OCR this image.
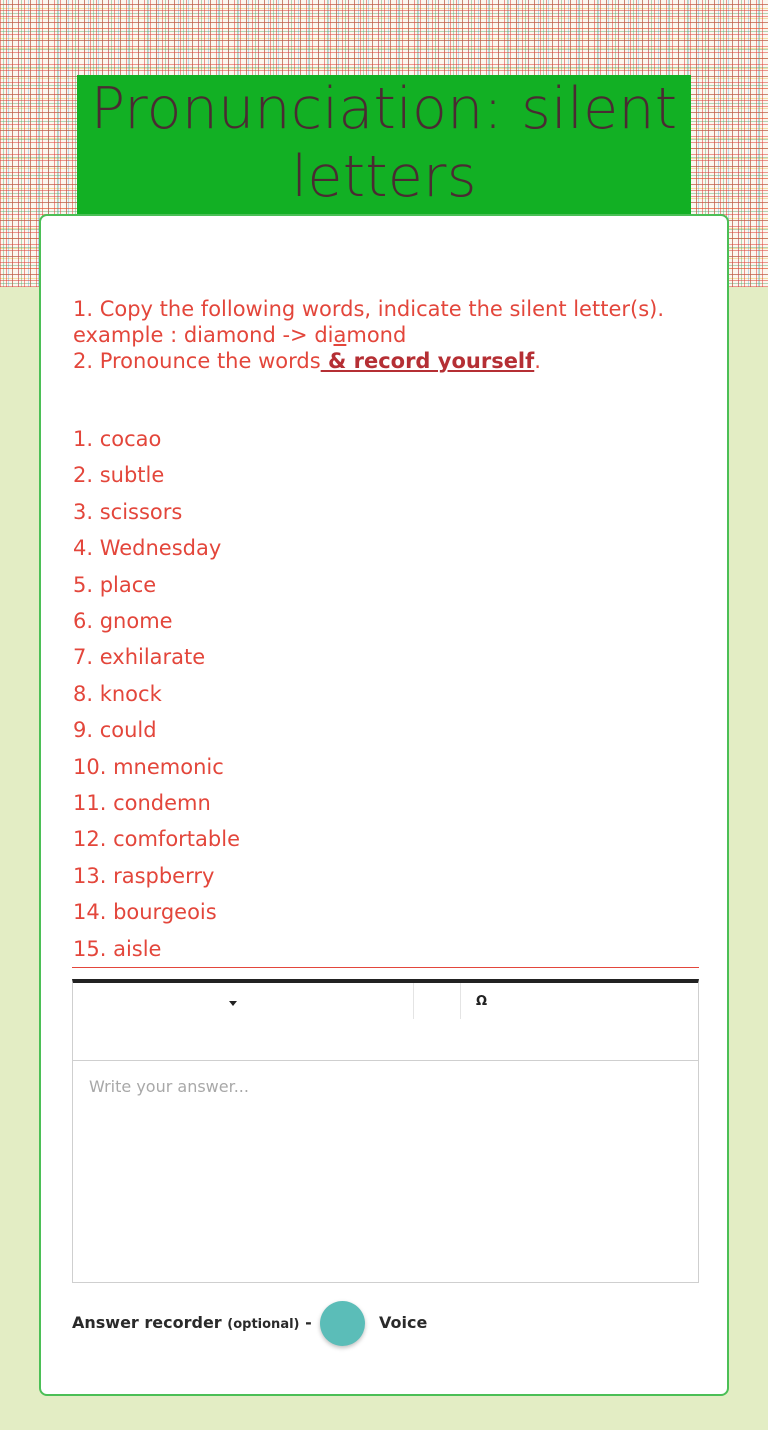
Pronunciation: silent
letters
1. Copy the following words, indicate the silent letter(s).
example : diamond -> diamond
2. Pronounce the words & record yourself.
1. cocao
2. subtle
3. scissors
4. Wednesday
5. place
6. gnome
7. exhilarate
8. knock
9. could
10. mnemonic
11. condemn
12. comfortable
13. raspberry
14. bourgeois
15. aisle
Ω
Write your answer...
Answer recorder (optional) -	Voice
